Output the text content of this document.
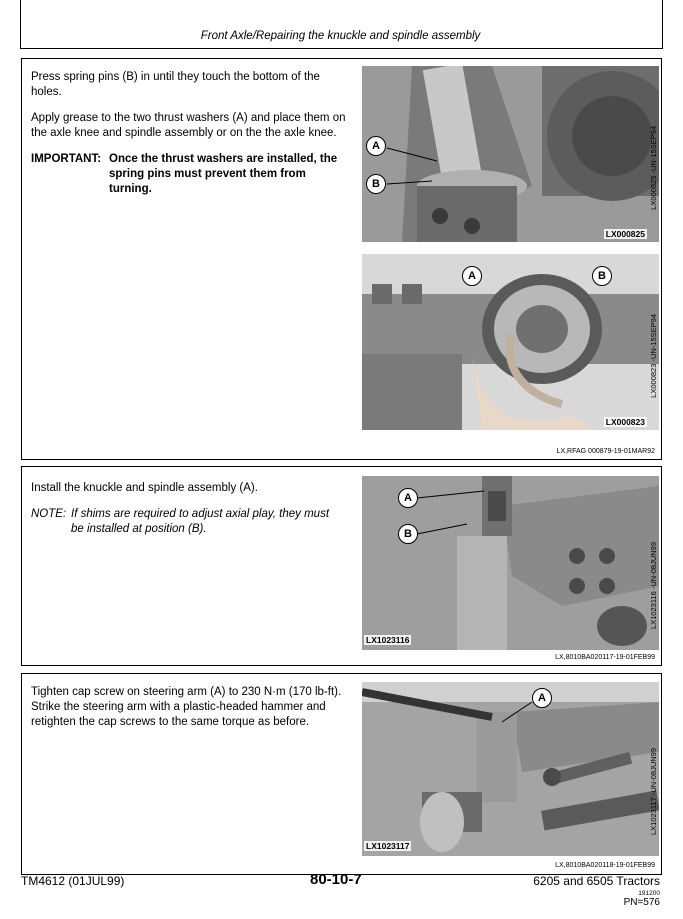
Front Axle/Repairing the knuckle and spindle assembly

Press spring pins (B) in until they touch the bottom of the holes.

Apply grease to the two thrust washers (A) and place them on the axle knee and spindle assembly or on the the axle knee.

IMPORTANT: Once the thrust washers are installed, the spring pins must prevent them from turning.
A
B
LX000825
LX000825 -UN-15SEP94
A	B
LX000823
LX000823 -UN-15SEP94
LX,RFAG 000879-19-01MAR92

Install the knuckle and spindle assembly (A).

NOTE: If shims are required to adjust axial play, they must be installed at position (B).
A
B
LX1023116
LX1023116 -UN-08JUN99
LX,8010BA020117-19-01FEB99

Tighten cap screw on steering arm (A) to 230 N·m (170 lb-ft). Strike the steering arm with a plastic-headed hammer and retighten the cap screws to the same torque as before.

A
LX1023117
LX1023117 -UN-08JUN99
LX,8010BA020118-19-01FEB99
TM4612 (01JUL99)	80-10-7	6205 and 6505 Tractors
191200
PN=576
